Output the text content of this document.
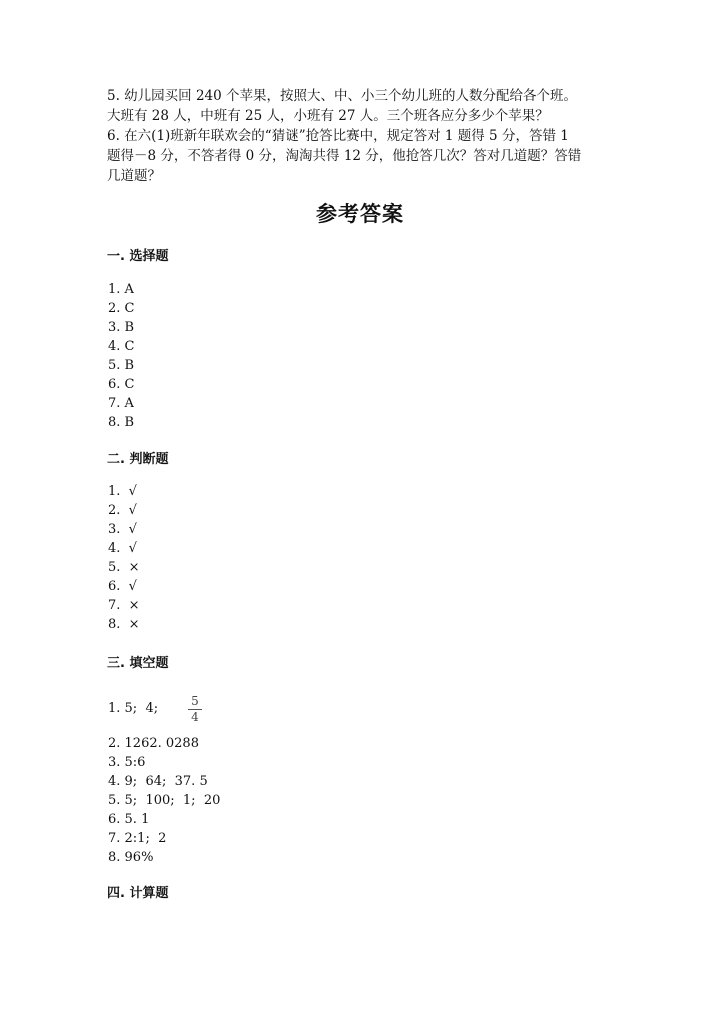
5. 幼儿园买回 240 个苹果，按照大、中、小三个幼儿班的人数分配给各个班。

大班有 28 人，中班有 25 人，小班有 27 人。三个班各应分多少个苹果？

6. 在六(1)班新年联欢会的“猜谜”抢答比赛中，规定答对 1 题得 5 分，答错 1

题得－8 分，不答者得 0 分，淘淘共得 12 分，他抢答几次？答对几道题？答错

几道题？

参考答案
一. 选择题
1. A
2. C
3. B
4. C
5. B
6. C
7. A
8. B
二. 判断题
1.  √
2.  √
3.  √
4.  √
5.  ×
6.  √
7.  ×
8.  ×
三. 填空题
1. 5;  4;	5
4
2. 1262. 0288
3. 5:6
4. 9;  64;  37. 5
5. 5;  100;  1;  20
6. 5. 1
7. 2:1;  2
8. 96%
四. 计算题
